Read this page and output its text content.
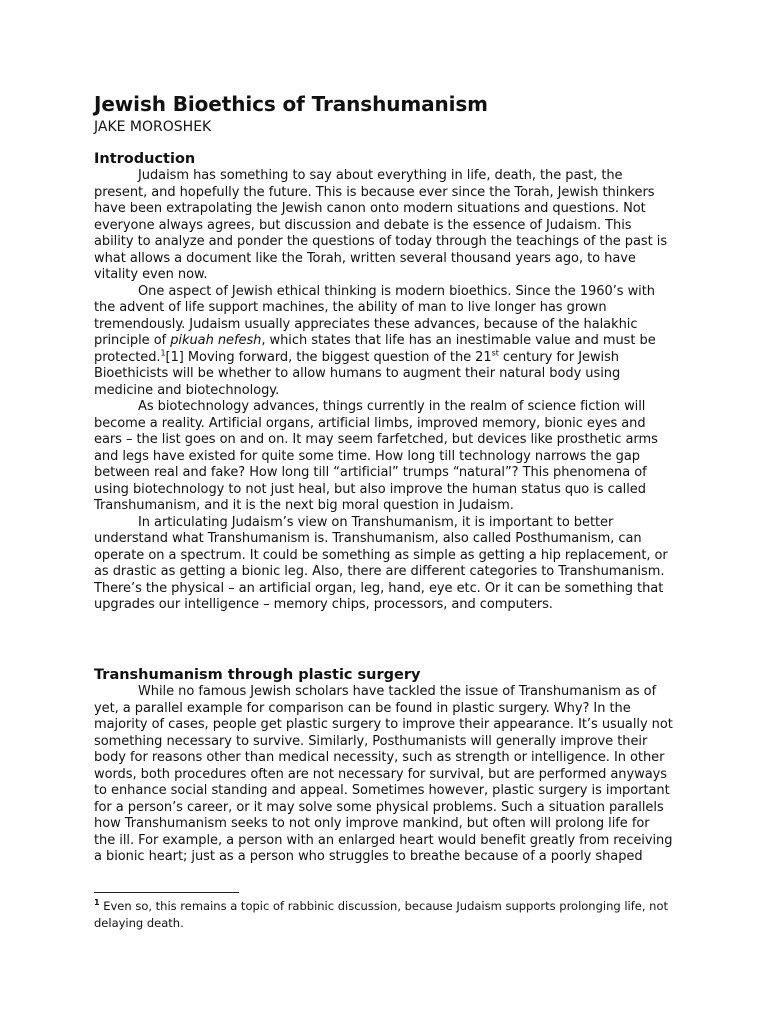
Jewish Bioethics of Transhumanism
JAKE MOROSHEK
Introduction

Judaism has something to say about everything in life, death, the past, the present, and hopefully the future. This is because ever since the Torah, Jewish thinkers have been extrapolating the Jewish canon onto modern situations and questions. Not everyone always agrees, but discussion and debate is the essence of Judaism. This ability to analyze and ponder the questions of today through the teachings of the past is what allows a document like the Torah, written several thousand years ago, to have vitality even now.

One aspect of Jewish ethical thinking is modern bioethics. Since the 1960’s with the advent of life support machines, the ability of man to live longer has grown tremendously. Judaism usually appreciates these advances, because of the halakhic principle of pikuah nefesh, which states that life has an inestimable value and must be protected.$^1$[1] Moving forward, the biggest question of the 21st century for Jewish Bioethicists will be whether to allow humans to augment their natural body using medicine and biotechnology.

As biotechnology advances, things currently in the realm of science fiction will become a reality. Artificial organs, artificial limbs, improved memory, bionic eyes and ears – the list goes on and on. It may seem farfetched, but devices like prosthetic arms and legs have existed for quite some time. How long till technology narrows the gap between real and fake? How long till “artificial” trumps “natural”? This phenomena of using biotechnology to not just heal, but also improve the human status quo is called Transhumanism, and it is the next big moral question in Judaism.

In articulating Judaism’s view on Transhumanism, it is important to better understand what Transhumanism is. Transhumanism, also called Posthumanism, can operate on a spectrum. It could be something as simple as getting a hip replacement, or as drastic as getting a bionic leg. Also, there are different categories to Transhumanism. There’s the physical – an artificial organ, leg, hand, eye etc. Or it can be something that upgrades our intelligence – memory chips, processors, and computers.

Transhumanism through plastic surgery

While no famous Jewish scholars have tackled the issue of Transhumanism as of yet, a parallel example for comparison can be found in plastic surgery. Why? In the majority of cases, people get plastic surgery to improve their appearance. It’s usually not something necessary to survive. Similarly, Posthumanists will generally improve their body for reasons other than medical necessity, such as strength or intelligence. In other words, both procedures often are not necessary for survival, but are performed anyways to enhance social standing and appeal. Sometimes however, plastic surgery is important for a person’s career, or it may solve some physical problems. Such a situation parallels how Transhumanism seeks to not only improve mankind, but often will prolong life for the ill. For example, a person with an enlarged heart would benefit greatly from receiving a bionic heart; just as a person who struggles to breathe because of a poorly shaped

$^1$ Even so, this remains a topic of rabbinic discussion, because Judaism supports prolonging life, not delaying death.
